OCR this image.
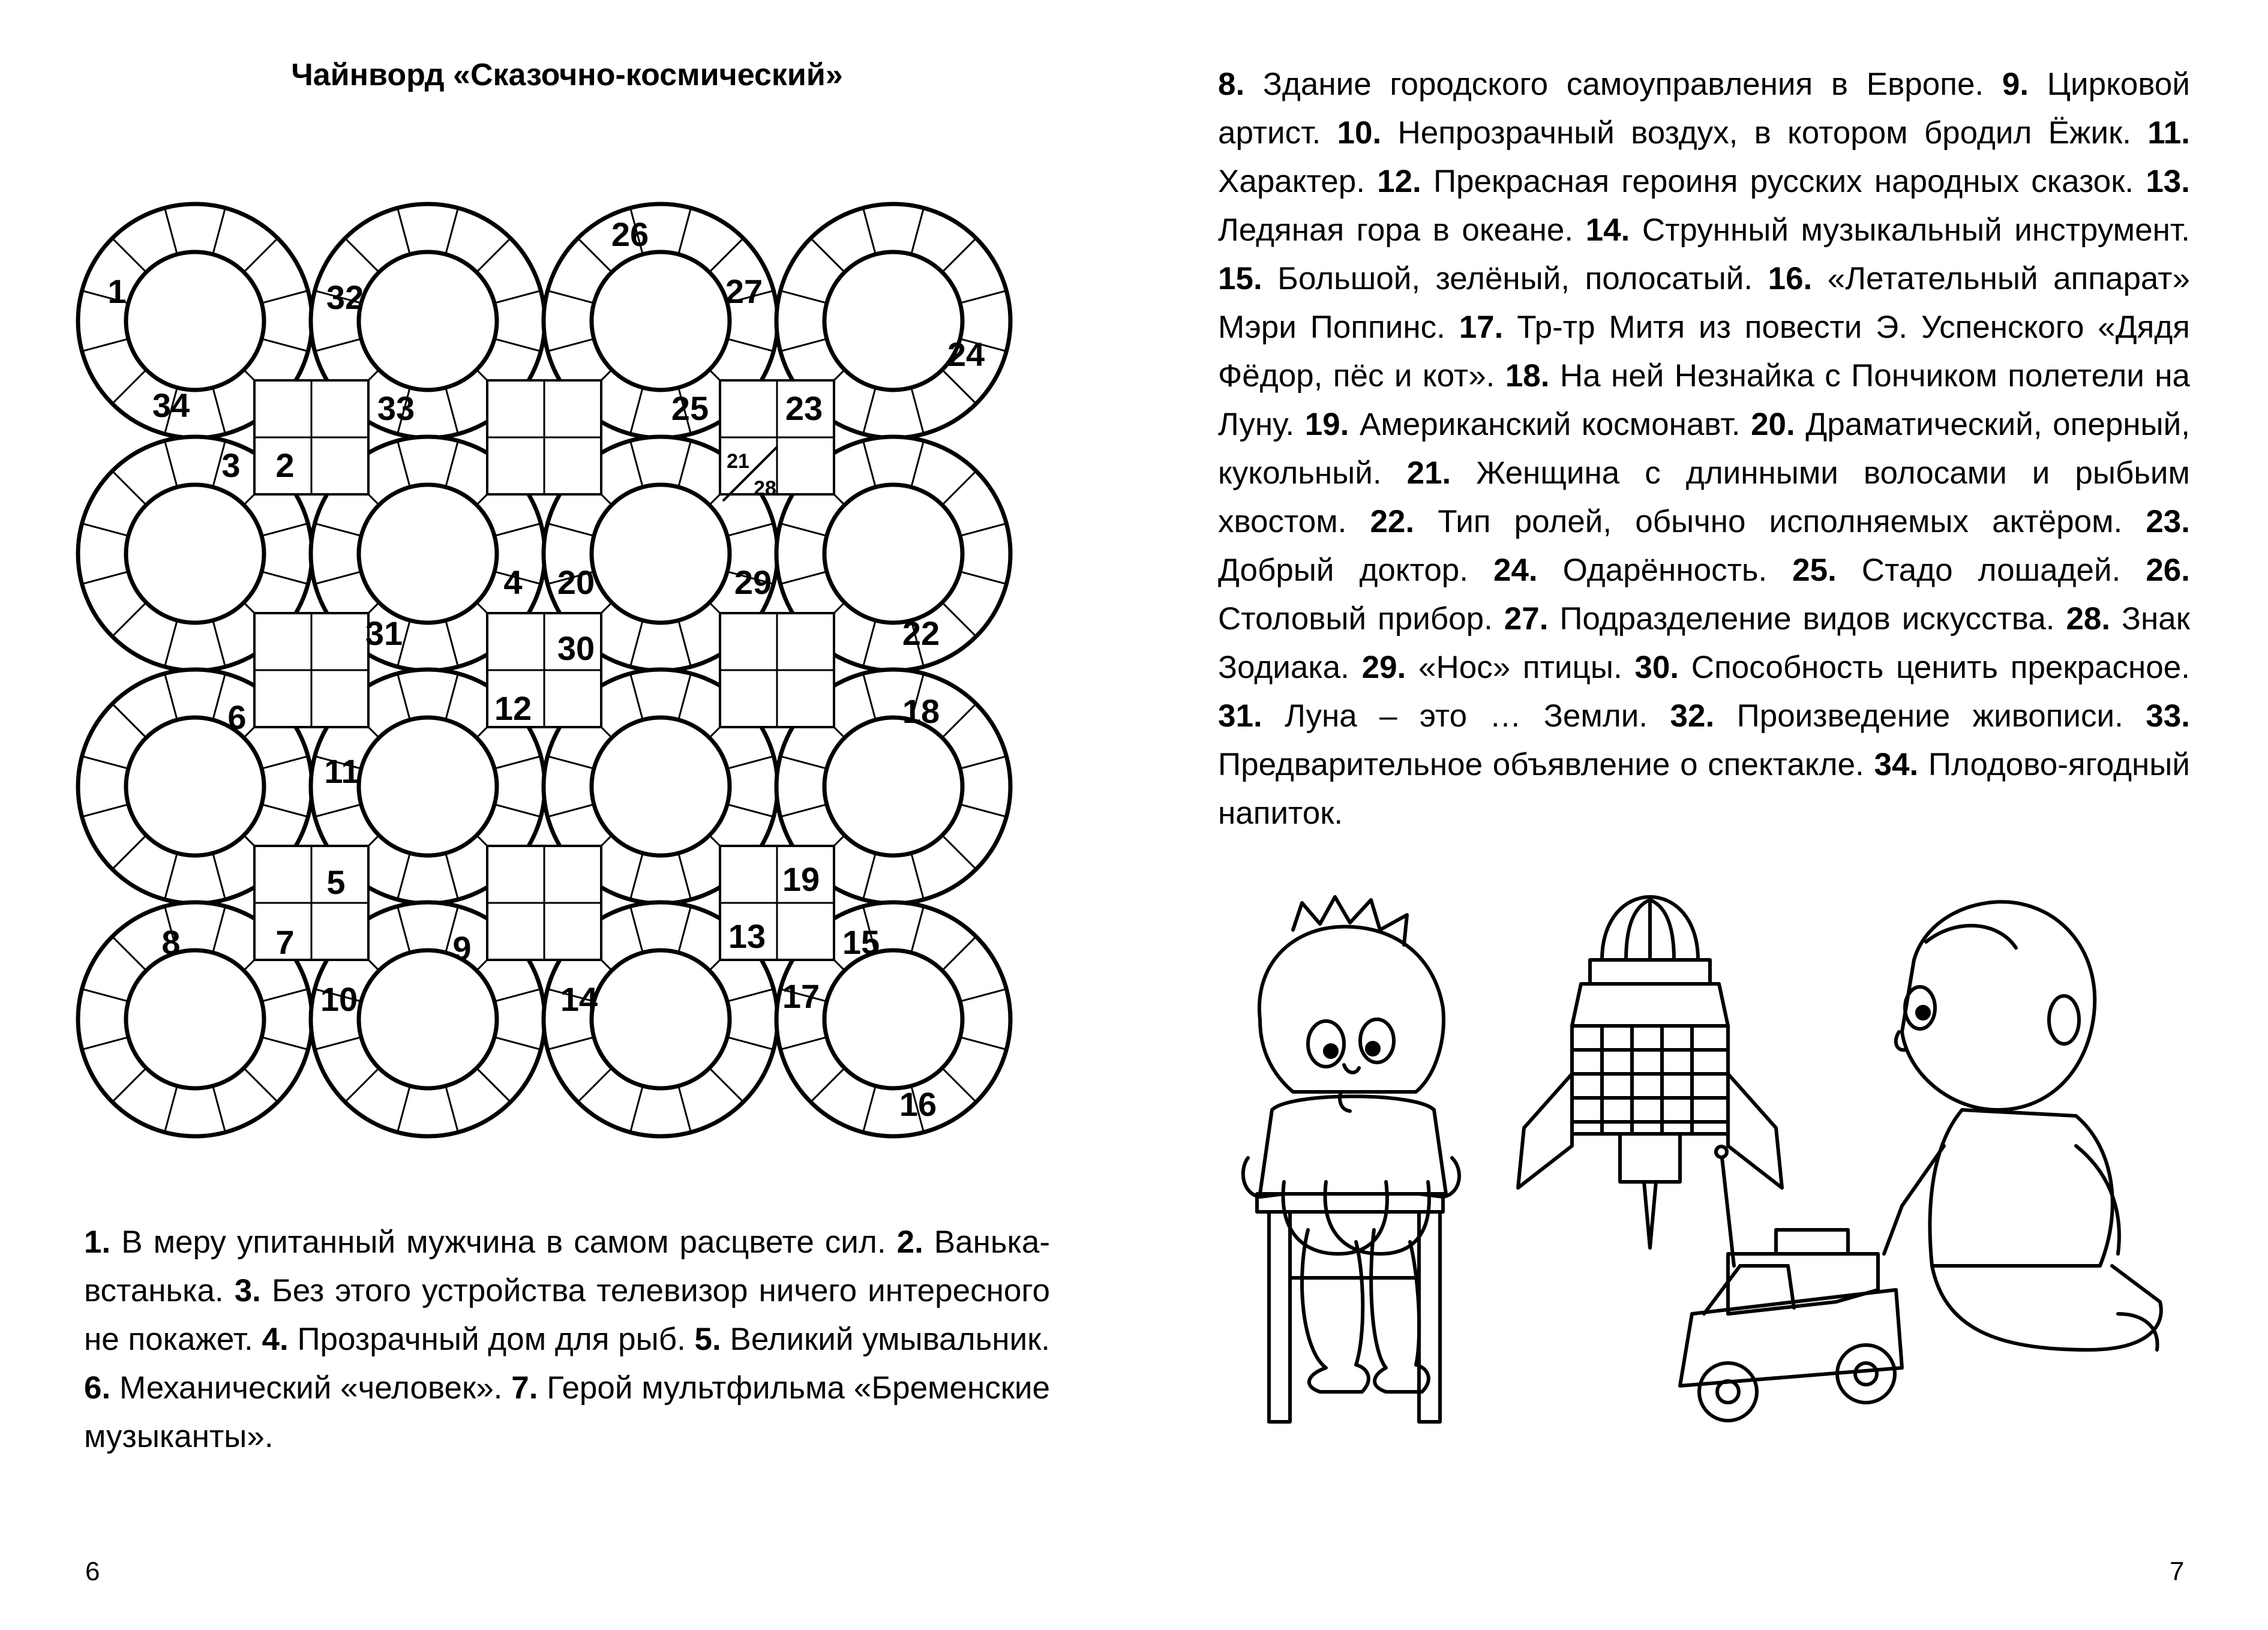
Чайнворд «Сказочно-космический»
1	32
26
27
24
34	33	25 23
3 2	21
28
4 20	29
31	30	22
6	12	18
11
5	19
8	7	9	13 15
10	14	17
16
1. В меру упитанный мужчина в самом расцвете сил. 2. Ванька-встанька. 3. Без этого устройства телевизор ничего интересного не покажет. 4. Прозрачный дом для рыб. 5. Великий умывальник. 6. Механический «человек». 7. Герой мультфильма «Бременские музыканты».
6
8. Здание городского самоуправления в Европе. 9. Цирковой артист. 10. Непрозрачный воздух, в котором бродил Ёжик. 11. Характер. 12. Прекрасная героиня русских народных сказок. 13. Ледяная гора в океане. 14. Струнный музыкальный инструмент. 15. Большой, зелёный, полосатый. 16. «Летательный аппарат» Мэри Поппинс. 17. Тр-тр Митя из повести Э. Успенского «Дядя Фёдор, пёс и кот». 18. На ней Незнайка с Пончиком полетели на Луну. 19. Американский космонавт. 20. Драматический, оперный, кукольный. 21. Женщина с длинными волосами и рыбьим хвостом. 22. Тип ролей, обычно исполняемых актёром. 23. Добрый доктор. 24. Одарённость. 25. Стадо лошадей. 26. Столовый прибор. 27. Подразделение видов искусства. 28. Знак Зодиака. 29. «Нос» птицы. 30. Способность ценить прекрасное. 31. Луна – это … Земли. 32. Произведение живописи. 33. Предварительное объявление о спектакле. 34. Плодово-ягодный напиток.
7
